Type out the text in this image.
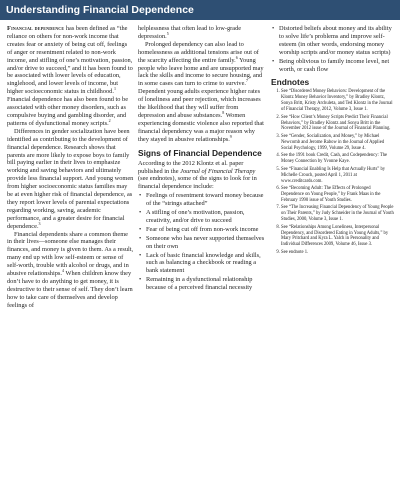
Understanding Financial Dependence

Financial dependence has been defined as “the reliance on others for non-work income that creates fear or anxiety of being cut off, feelings of anger or resentment related to non-work income, and stifling of one’s motivation, passion, and/or drive to succeed,” and it has been found to be associated with lower levels of education, singlehood, and lower levels of income, but higher socioeconomic status in childhood.$^1$ Financial dependence has also been found to be associated with other money disorders, such as compulsive buying and gambling disorder, and patterns of dysfunctional money scripts.$^2$

Differences in gender socialization have been identified as contributing to the development of financial dependence. Research shows that parents are more likely to expose boys to family bill paying earlier in their lives to emphasize working and saving behaviors and ultimately provide less financial support. And young women from higher socioeconomic status families may be at even higher risk of financial dependence, as they report lower levels of parental expectations regarding working, saving, academic performance, and a greater desire for financial dependence.$^3$

Financial dependents share a common theme in their lives—someone else manages their finances, and money is given to them. As a result, many end up with low self-esteem or sense of self-worth, trouble with alcohol or drugs, and in abusive relationships.$^4$ When children know they don’t have to do anything to get money, it is destructive to their sense of self. They don’t learn how to take care of themselves and develop feelings of

helplessness that often lead to low-grade depression.$^5$

Prolonged dependency can also lead to homelessness as additional tensions arise out of the scarcity affecting the entire family.$^6$ Young people who leave home and are unsupported may lack the skills and income to secure housing, and in some cases can turn to crime to survive.$^7$ Dependent young adults experience higher rates of loneliness and peer rejection, which increases the likelihood that they will suffer from depression and abuse substances.$^8$ Women experiencing domestic violence also reported that financial dependency was a major reason why they stayed in abusive relationships.$^9$

Signs of Financial Dependence

According to the 2012 Klontz et al. paper published in the Journal of Financial Therapy (see endnotes), some of the signs to look for in financial dependence include:

• Feelings of resentment toward money because of the “strings attached”
• A stifling of one’s motivation, passion, creativity, and/or drive to succeed
• Fear of being cut off from non-work income
• Someone who has never supported themselves on their own
• Lack of basic financial knowledge and skills, such as balancing a checkbook or reading a bank statement
• Remaining in a dysfunctional relationship because of a perceived financial necessity
• Distorted beliefs about money and its ability to solve life’s problems and improve self-esteem (in other words, endorsing money worship scripts and/or money status scripts)
• Being oblivious to family income level, net worth, or cash flow
Endnotes
1. See “Disordered Money Behaviors: Development of the Klontz Money Behavior Inventory,” by Bradley Klontz, Sonya Britt, Kristy Archuleta, and Ted Klontz in the Journal of Financial Therapy, 2012, Volume 3, Issue 1.
2. See “How Client’s Money Scripts Predict Their Financial Behaviors,” by Bradley Klontz and Sonya Britt in the November 2012 issue of the Journal of Financial Planning.
3. See “Gender, Socialization, and Money,” by Michael Newcomb and Jerome Rabow in the Journal of Applied Social Psychology, 1999, Volume 29, Issue 4.
4. See the 1991 book Credit, Cash, and Codependency: The Money Connection by Yvonne Kaye.
5. See “Financial Enabling Is Help that Actually Hurts” by Michelle Crouch, posted April 1, 2011 at www.creditcards.com.
6. See “Becoming Adult: The Effects of Prolonged Dependence on Young People,” by Frank Maas in the February 1990 issue of Youth Studies.
7. See “The Increasing Financial Dependency of Young People on Their Parents,” by Judy Schneider in the Journal of Youth Studies, 2000, Volume 3, Issue 1.
8. See “Relationships Among Loneliness, Interpersonal Dependency, and Disordered Eating in Young Adults,” by Mary Pritchard and Kyra L. Yalch in Personality and Individual Differences 2009, Volume 46, Issue 3.
9. See endnote 1.
